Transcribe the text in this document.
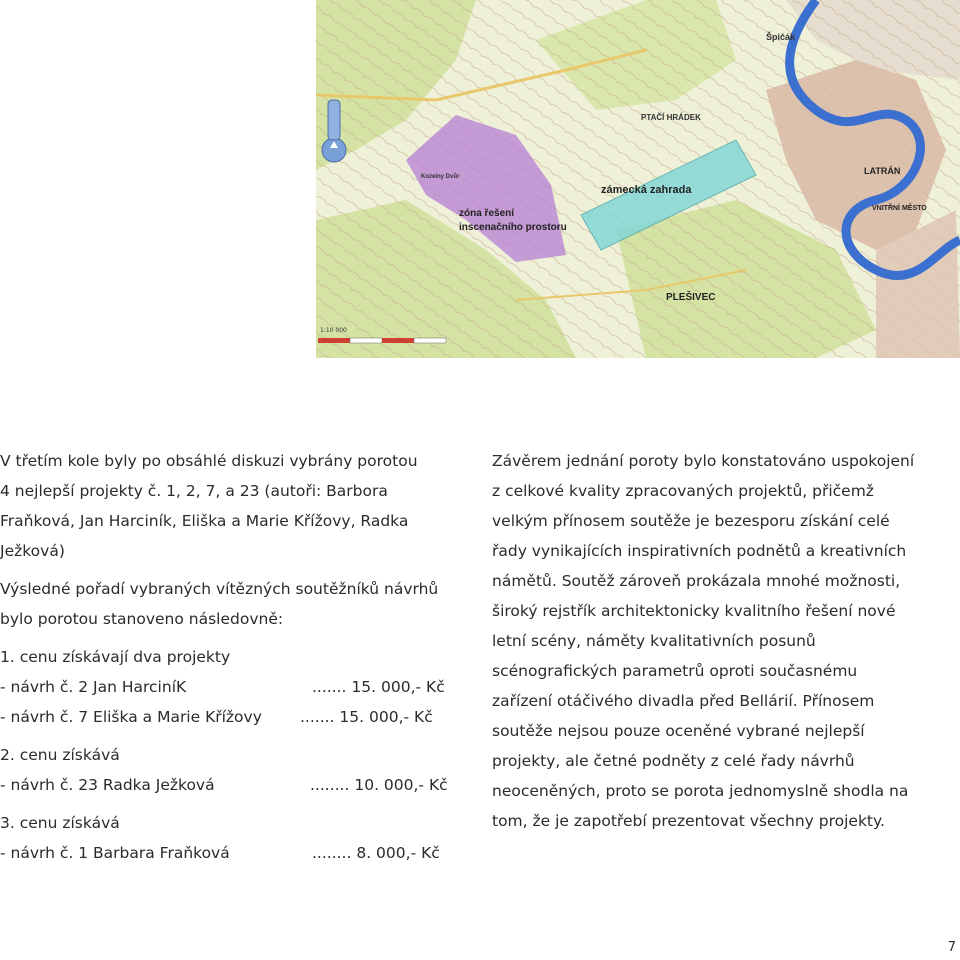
Špičák
PTAČÍ HRÁDEK
Kozelny Dvůr
zámecká zahrada
zóna řešení
inscenačního prostoru
PLEŠIVEC
LATRÁN
VNITŘNÍ MĚSTO
1:10 000

V třetím kole byly po obsáhlé diskuzi vybrány porotou

4 nejlepší projekty č. 1, 2, 7, a 23 (autoři: Barbora

Fraňková, Jan Harciník, Eliška a Marie Křížovy, Radka

Ježková)

Výsledné pořadí vybraných vítězných soutěžníků návrhů

bylo porotou stanoveno následovně:

1. cenu získávají dva projekty

- návrh č. 2 Jan HarciníK	....... 15. 000,- Kč
- návrh č. 7 Eliška a Marie Křížovy ....... 15. 000,- Kč

2. cenu získává

- návrh č. 23 Radka Ježková	........ 10. 000,- Kč

3. cenu získává

- návrh č. 1 Barbara Fraňková	........ 8. 000,- Kč

Závěrem jednání poroty bylo konstatováno uspokojení

z celkové kvality zpracovaných projektů, přičemž

velkým přínosem soutěže je bezesporu získání celé

řady vynikajících inspirativních podnětů a kreativních

námětů. Soutěž zároveň prokázala mnohé možnosti,

široký rejstřík architektonicky kvalitního řešení nové

letní scény, náměty kvalitativních posunů

scénografických parametrů oproti současnému

zařízení otáčivého divadla před Bellárií. Přínosem

soutěže nejsou pouze oceněné vybrané nejlepší

projekty, ale četné podněty z celé řady návrhů

neoceněných, proto se porota jednomyslně shodla na

tom, že je zapotřebí prezentovat všechny projekty.

7
